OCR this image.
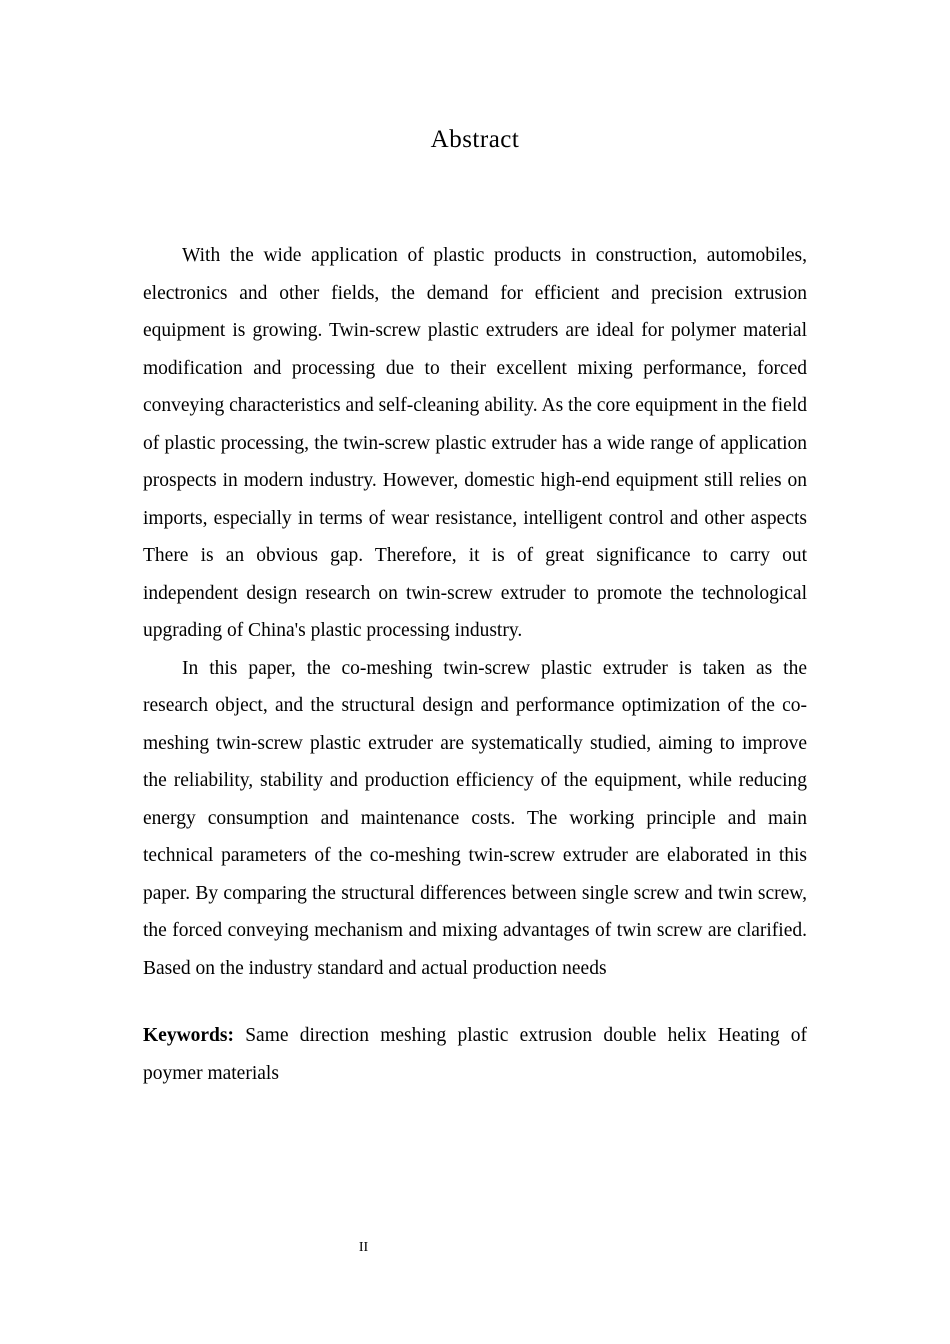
Abstract

With the wide application of plastic products in construction, automobiles, electronics and other fields, the demand for efficient and precision extrusion equipment is growing. Twin-screw plastic extruders are ideal for polymer material modification and processing due to their excellent mixing performance, forced conveying characteristics and self-cleaning ability. As the core equipment in the field of plastic processing, the twin-screw plastic extruder has a wide range of application prospects in modern industry. However, domestic high-end equipment still relies on imports, especially in terms of wear resistance, intelligent control and other aspects There is an obvious gap. Therefore, it is of great significance to carry out independent design research on twin-screw extruder to promote the technological upgrading of China's plastic processing industry.

In this paper, the co-meshing twin-screw plastic extruder is taken as the research object, and the structural design and performance optimization of the co-meshing twin-screw plastic extruder are systematically studied, aiming to improve the reliability, stability and production efficiency of the equipment, while reducing energy consumption and maintenance costs. The working principle and main technical parameters of the co-meshing twin-screw extruder are elaborated in this paper. By comparing the structural differences between single screw and twin screw, the forced conveying mechanism and mixing advantages of twin screw are clarified. Based on the industry standard and actual production needs

Keywords: Same direction meshing plastic extrusion double helix Heating of poymer materials

II
